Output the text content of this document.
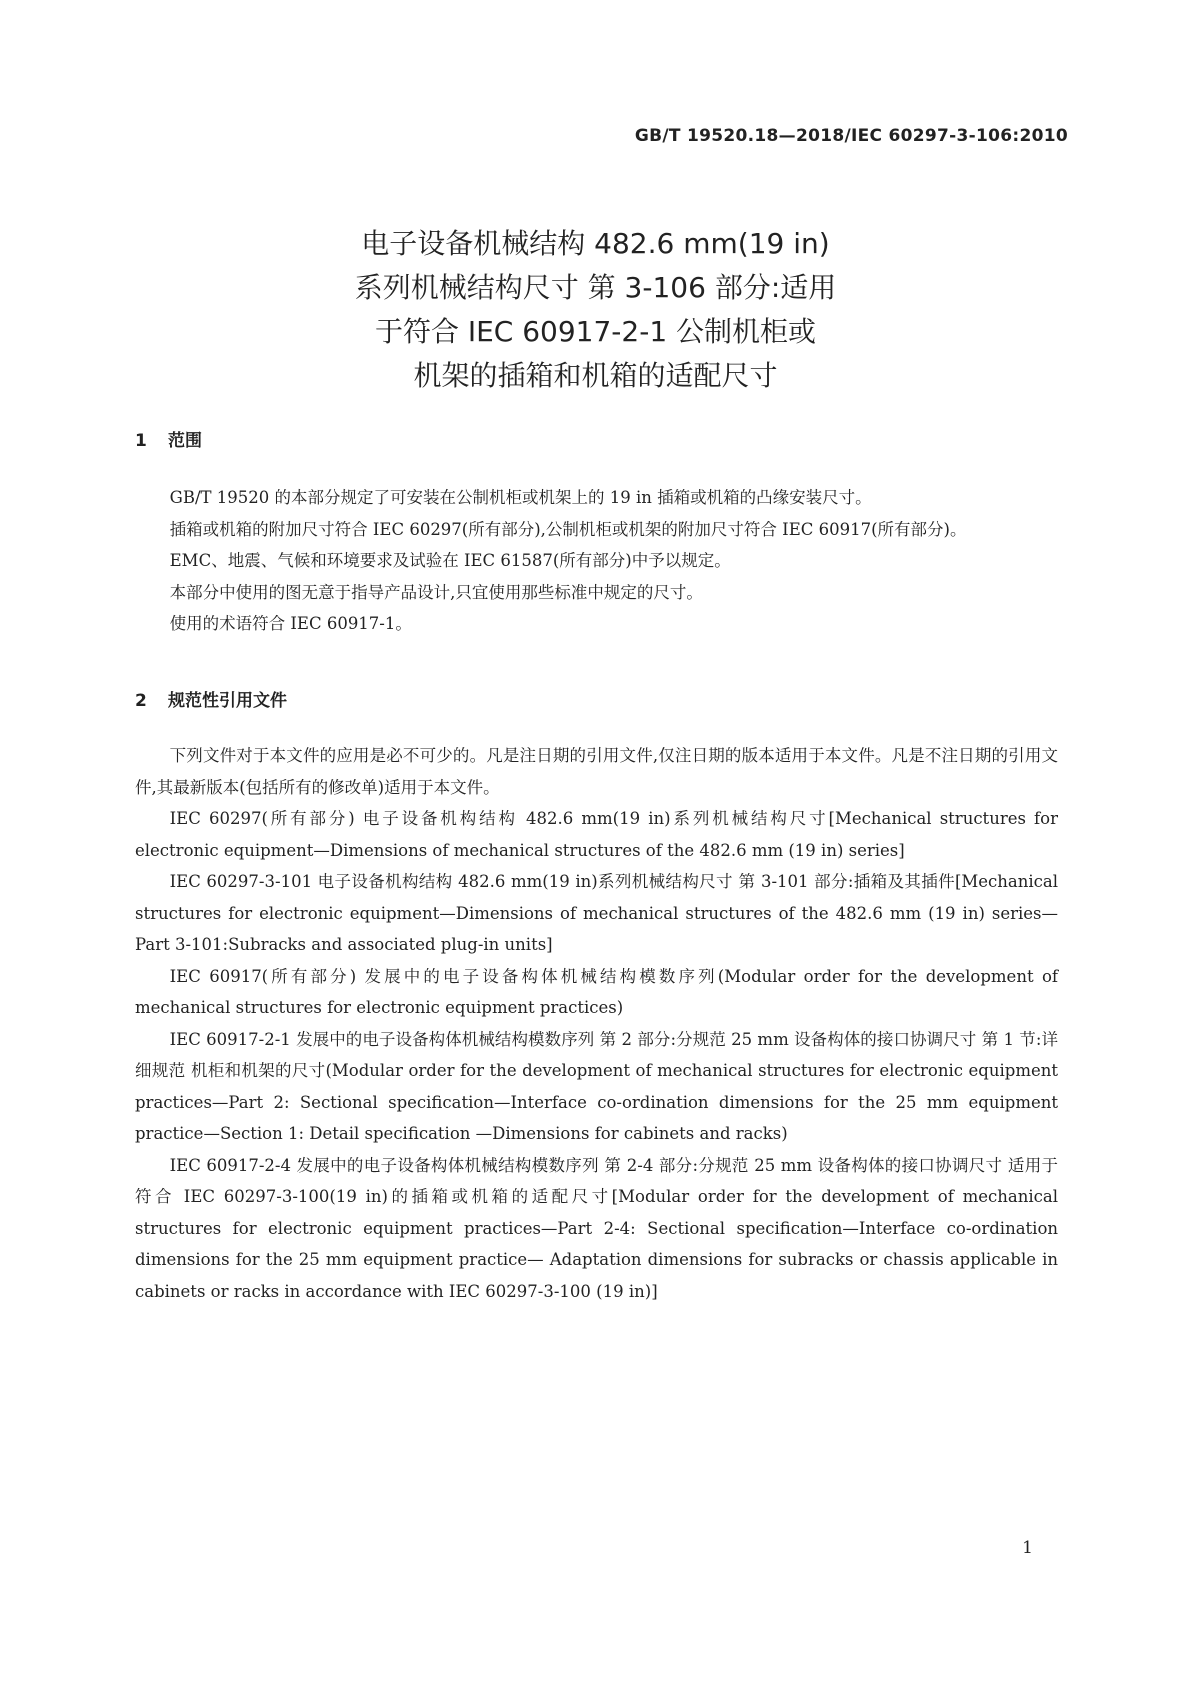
GB/T 19520.18—2018/IEC 60297-3-106:2010
电子设备机械结构 482.6 mm(19 in)
系列机械结构尺寸 第 3-106 部分:适用
于符合 IEC 60917-2-1 公制机柜或
机架的插箱和机箱的适配尺寸
1 范围

GB/T 19520 的本部分规定了可安装在公制机柜或机架上的 19 in 插箱或机箱的凸缘安装尺寸。

插箱或机箱的附加尺寸符合 IEC 60297(所有部分),公制机柜或机架的附加尺寸符合 IEC 60917(所有部分)。

EMC、地震、气候和环境要求及试验在 IEC 61587(所有部分)中予以规定。

本部分中使用的图无意于指导产品设计,只宜使用那些标准中规定的尺寸。

使用的术语符合 IEC 60917-1。

2 规范性引用文件

下列文件对于本文件的应用是必不可少的。凡是注日期的引用文件,仅注日期的版本适用于本文件。凡是不注日期的引用文件,其最新版本(包括所有的修改单)适用于本文件。

IEC 60297(所有部分) 电子设备机构结构 482.6 mm(19 in)系列机械结构尺寸[Mechanical structures for electronic equipment—Dimensions of mechanical structures of the 482.6 mm (19 in) series]

IEC 60297-3-101 电子设备机构结构 482.6 mm(19 in)系列机械结构尺寸 第 3-101 部分:插箱及其插件[Mechanical structures for electronic equipment—Dimensions of mechanical structures of the 482.6 mm (19 in) series—Part 3-101:Subracks and associated plug-in units]

IEC 60917(所有部分) 发展中的电子设备构体机械结构模数序列(Modular order for the development of mechanical structures for electronic equipment practices)

IEC 60917-2-1 发展中的电子设备构体机械结构模数序列 第 2 部分:分规范 25 mm 设备构体的接口协调尺寸 第 1 节:详细规范 机柜和机架的尺寸(Modular order for the development of mechanical structures for electronic equipment practices—Part 2: Sectional specification—Interface co-ordination dimensions for the 25 mm equipment practice—Section 1: Detail specification —Dimensions for cabinets and racks)

IEC 60917-2-4 发展中的电子设备构体机械结构模数序列 第 2-4 部分:分规范 25 mm 设备构体的接口协调尺寸 适用于符合 IEC 60297-3-100(19 in)的插箱或机箱的适配尺寸[Modular order for the development of mechanical structures for electronic equipment practices—Part 2-4: Sectional specification—Interface co-ordination dimensions for the 25 mm equipment practice— Adaptation dimensions for subracks or chassis applicable in cabinets or racks in accordance with IEC 60297-3-100 (19 in)]

1
